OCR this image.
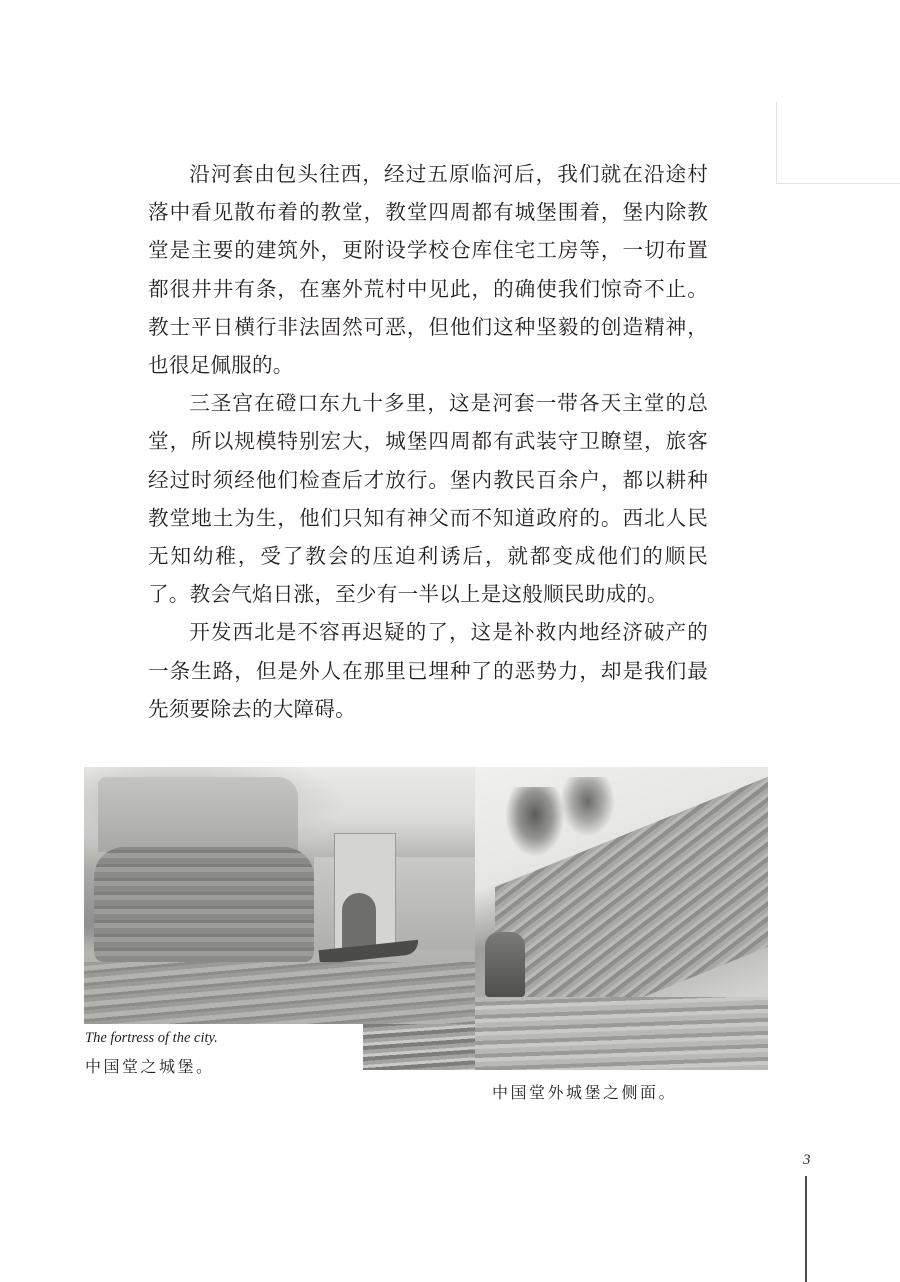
沿河套由包头往西，经过五原临河后，我们就在沿途村落中看见散布着的教堂，教堂四周都有城堡围着，堡内除教堂是主要的建筑外，更附设学校仓库住宅工房等，一切布置都很井井有条，在塞外荒村中见此，的确使我们惊奇不止。教士平日横行非法固然可恶，但他们这种坚毅的创造精神，也很足佩服的。

三圣宫在磴口东九十多里，这是河套一带各天主堂的总堂，所以规模特别宏大，城堡四周都有武装守卫瞭望，旅客经过时须经他们检查后才放行。堡内教民百余户，都以耕种教堂地土为生，他们只知有神父而不知道政府的。西北人民无知幼稚，受了教会的压迫利诱后，就都变成他们的顺民了。教会气焰日涨，至少有一半以上是这般顺民助成的。

开发西北是不容再迟疑的了，这是补救内地经济破产的一条生路，但是外人在那里已埋种了的恶势力，却是我们最先须要除去的大障碍。

The fortress of the city.
中国堂之城堡。
中国堂外城堡之侧面。
3
